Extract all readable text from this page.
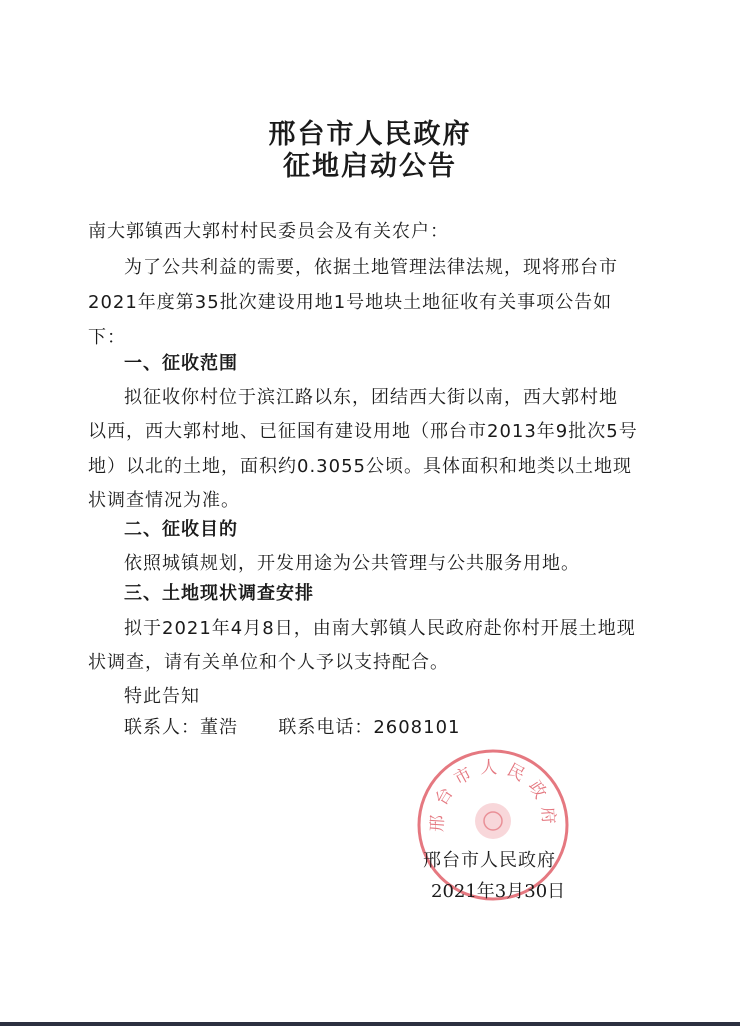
邢台市人民政府
征地启动公告
南大郭镇西大郭村村民委员会及有关农户：
为了公共利益的需要，依据土地管理法律法规，现将邢台市
2021年度第35批次建设用地1号地块土地征收有关事项公告如
下：
一、征收范围
拟征收你村位于滨江路以东，团结西大街以南，西大郭村地
以西，西大郭村地、已征国有建设用地（邢台市2013年9批次5号
地）以北的土地，面积约0.3055公顷。具体面积和地类以土地现
状调查情况为准。
二、征收目的
依照城镇规划，开发用途为公共管理与公共服务用地。
三、土地现状调查安排
拟于2021年4月8日，由南大郭镇人民政府赴你村开展土地现
状调查，请有关单位和个人予以支持配合。
特此告知
联系人：董浩      联系电话：2608101
邢台市人民政府
邢台市人民政府
2021年3月30日
